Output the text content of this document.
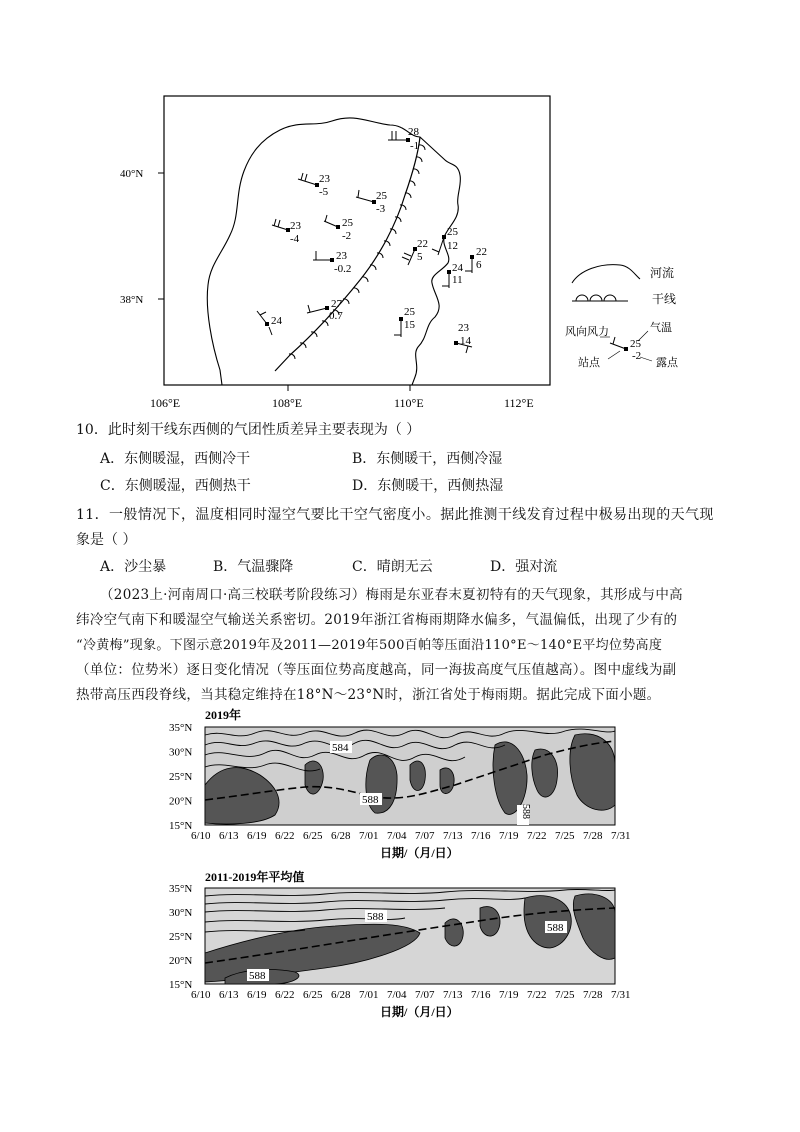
40°N
38°N
106°E	108°E	110°E	112°E
28
-1
23
-5	25
-3
23
-4
25
-2
23
-0.2
22
5
25
12 22
6
24
11
27
0.7
24
25
15	23
14
河流
干线
风向风力	气温
25
-2
站点	露点
10．此时刻干线东西侧的气团性质差异主要表现为（ ）
A．东侧暖湿，西侧冷干	B．东侧暖干，西侧冷湿
C．东侧暖湿，西侧热干	D．东侧暖干，西侧热湿
11．一般情况下，温度相同时湿空气要比干空气密度小。据此推测干线发育过程中极易出现的天气现
象是（ ）
A．沙尘暴	B．气温骤降	C．晴朗无云	D．强对流
（2023上·河南周口·高三校联考阶段练习）梅雨是东亚春末夏初特有的天气现象，其形成与中高
纬冷空气南下和暖湿空气输送关系密切。2019年浙江省梅雨期降水偏多，气温偏低，出现了少有的
“冷黄梅”现象。下图示意2019年及2011—2019年500百帕等压面沿110°E～140°E平均位势高度
（单位：位势米）逐日变化情况（等压面位势高度越高，同一海拔高度气压值越高）。图中虚线为副
热带高压西段脊线，当其稳定维持在18°N～23°N时，浙江省处于梅雨期。据此完成下面小题。
2019年
584
588
588
35°N
30°N
25°N
20°N
15°N
6/10 6/13 6/19 6/22 6/25 6/28 7/01 7/04 7/07 7/13 7/16 7/19 7/22 7/25 7/28 7/31
日期/（月/日）
2011-2019年平均值
588
588
588
35°N
30°N
25°N
20°N
15°N
6/10 6/13 6/19 6/22 6/25 6/28 7/01 7/04 7/07 7/13 7/16 7/19 7/22 7/25 7/28 7/31
日期/（月/日）
